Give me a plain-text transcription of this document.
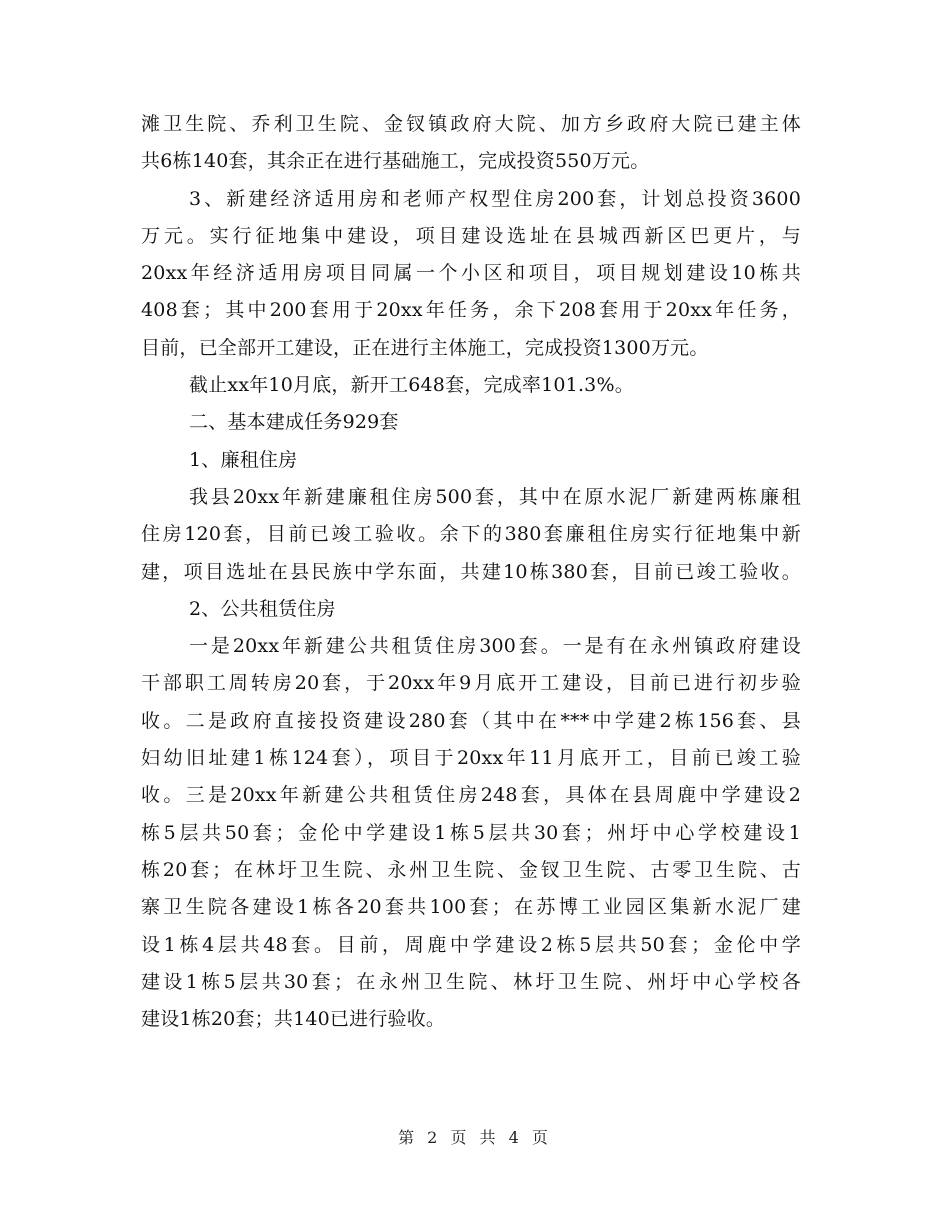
滩卫生院、乔利卫生院、金钗镇政府大院、加方乡政府大院已建主体
共6栋140套，其余正在进行基础施工，完成投资550万元。
3、新建经济适用房和老师产权型住房200套，计划总投资3600
万元。实行征地集中建设，项目建设选址在县城西新区巴更片，与
20xx年经济适用房项目同属一个小区和项目，项目规划建设10栋共
408套；其中200套用于20xx年任务，余下208套用于20xx年任务，
目前，已全部开工建设，正在进行主体施工，完成投资1300万元。
截止xx年10月底，新开工648套，完成率101.3%。
二、基本建成任务929套
1、廉租住房
我县20xx年新建廉租住房500套，其中在原水泥厂新建两栋廉租
住房120套，目前已竣工验收。余下的380套廉租住房实行征地集中新
建，项目选址在县民族中学东面，共建10栋380套，目前已竣工验收。
2、公共租赁住房
一是20xx年新建公共租赁住房300套。一是有在永州镇政府建设
干部职工周转房20套，于20xx年9月底开工建设，目前已进行初步验
收。二是政府直接投资建设280套（其中在***中学建2栋156套、县
妇幼旧址建1栋124套），项目于20xx年11月底开工，目前已竣工验
收。三是20xx年新建公共租赁住房248套，具体在县周鹿中学建设2
栋5层共50套；金伦中学建设1栋5层共30套；州圩中心学校建设1
栋20套；在林圩卫生院、永州卫生院、金钗卫生院、古零卫生院、古
寨卫生院各建设1栋各20套共100套；在苏博工业园区集新水泥厂建
设1栋4层共48套。目前，周鹿中学建设2栋5层共50套；金伦中学
建设1栋5层共30套；在永州卫生院、林圩卫生院、州圩中心学校各
建设1栋20套；共140已进行验收。
第 2 页 共 4 页
